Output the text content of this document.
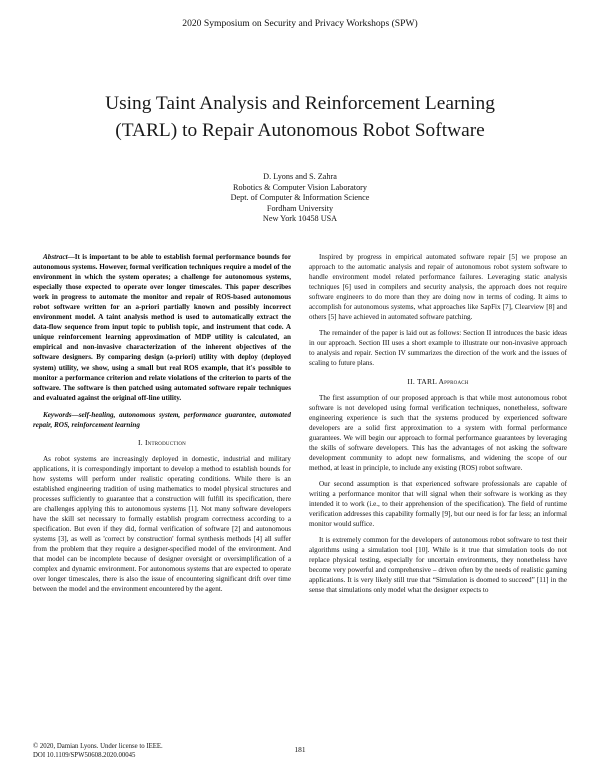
2020 Symposium on Security and Privacy Workshops (SPW)
Using Taint Analysis and Reinforcement Learning
(TARL) to Repair Autonomous Robot Software
D. Lyons and S. Zahra
Robotics & Computer Vision Laboratory
Dept. of Computer & Information Science
Fordham University
New York 10458 USA

Abstract—It is important to be able to establish formal performance bounds for autonomous systems. However, formal verification techniques require a model of the environment in which the system operates; a challenge for autonomous systems, especially those expected to operate over longer timescales. This paper describes work in progress to automate the monitor and repair of ROS-based autonomous robot software written for an a-priori partially known and possibly incorrect environment model. A taint analysis method is used to automatically extract the data-flow sequence from input topic to publish topic, and instrument that code. A unique reinforcement learning approximation of MDP utility is calculated, an empirical and non-invasive characterization of the inherent objectives of the software designers. By comparing design (a-priori) utility with deploy (deployed system) utility, we show, using a small but real ROS example, that it's possible to monitor a performance criterion and relate violations of the criterion to parts of the software. The software is then patched using automated software repair techniques and evaluated against the original off-line utility.

Keywords—self-healing, autonomous system, performance guarantee, automated repair, ROS, reinforcement learning

I. Introduction

As robot systems are increasingly deployed in domestic, industrial and military applications, it is correspondingly important to develop a method to establish bounds for how systems will perform under realistic operating conditions. While there is an established engineering tradition of using mathematics to model physical structures and processes sufficiently to guarantee that a construction will fulfill its specification, there are challenges applying this to autonomous systems [1]. Not many software developers have the skill set necessary to formally establish program correctness according to a specification. But even if they did, formal verification of software [2] and autonomous systems [3], as well as 'correct by construction' formal synthesis methods [4] all suffer from the problem that they require a designer-specified model of the environment. And that model can be incomplete because of designer oversight or oversimplification of a complex and dynamic environment. For autonomous systems that are expected to operate over longer timescales, there is also the issue of encountering significant drift over time between the model and the environment encountered by the agent.

Inspired by progress in empirical automated software repair [5] we propose an approach to the automatic analysis and repair of autonomous robot system software to handle environment model related performance failures. Leveraging static analysis techniques [6] used in compilers and security analysis, the approach does not require software engineers to do more than they are doing now in terms of coding. It aims to accomplish for autonomous systems, what approaches like SapFix [7], Clearview [8] and others [5] have achieved in automated software patching.

The remainder of the paper is laid out as follows: Section II introduces the basic ideas in our approach. Section III uses a short example to illustrate our non-invasive approach to analysis and repair. Section IV summarizes the direction of the work and the issues of scaling to future plans.

II. TARL Approach

The first assumption of our proposed approach is that while most autonomous robot software is not developed using formal verification techniques, nonetheless, software engineering experience is such that the systems produced by experienced software developers are a solid first approximation to a system with formal performance guarantees. We will begin our approach to formal performance guarantees by leveraging the skills of software developers. This has the advantages of not asking the software development community to adopt new formalisms, and widening the scope of our method, at least in principle, to include any existing (ROS) robot software.

Our second assumption is that experienced software professionals are capable of writing a performance monitor that will signal when their software is working as they intended it to work (i.e., to their apprehension of the specification). The field of runtime verification addresses this capability formally [9], but our need is for far less; an informal monitor would suffice.

It is extremely common for the developers of autonomous robot software to test their algorithms using a simulation tool [10]. While is it true that simulation tools do not replace physical testing, especially for uncertain environments, they nonetheless have become very powerful and comprehensive – driven often by the needs of realistic gaming applications. It is very likely still true that “Simulation is doomed to succeed” [11] in the sense that simulations only model what the designer expects to

© 2020, Damian Lyons. Under license to IEEE.
DOI 10.1109/SPW50608.2020.00045
181
